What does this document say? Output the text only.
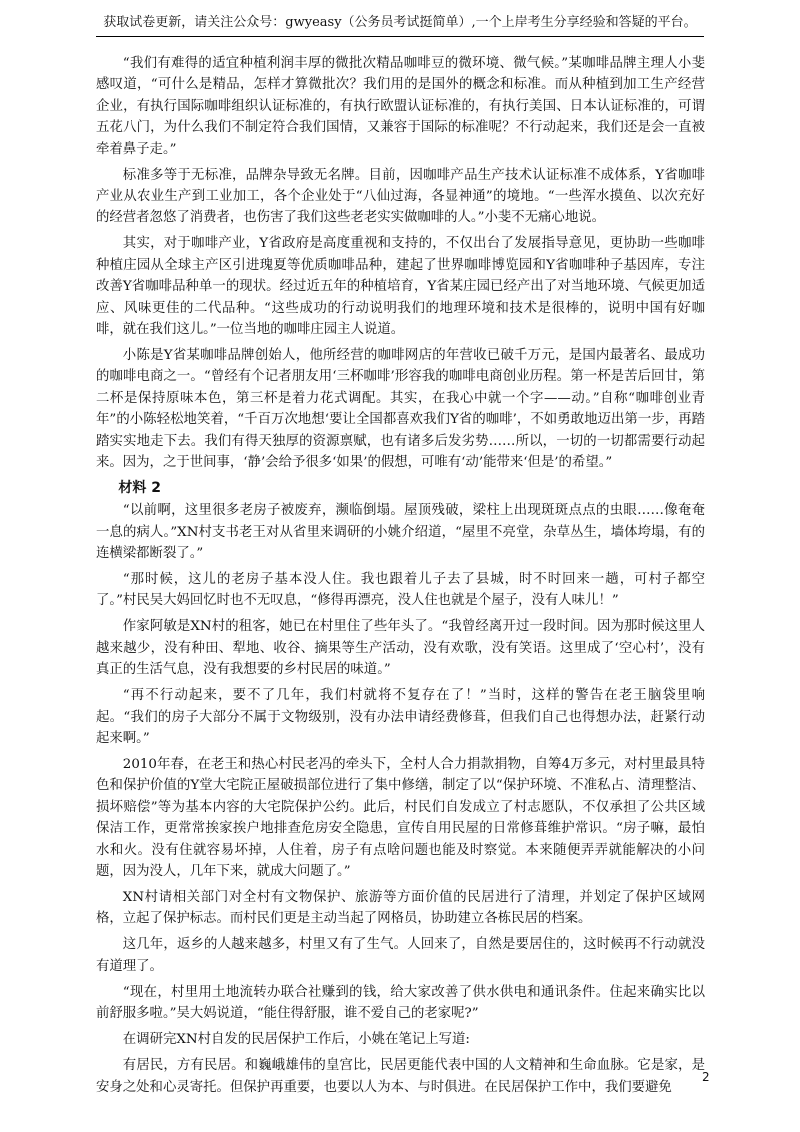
获取试卷更新，请关注公众号：gwyeasy（公务员考试挺简单）,一个上岸考生分享经验和答疑的平台。

“我们有难得的适宜种植利润丰厚的微批次精品咖啡豆的微环境、微气候。”某咖啡品牌主理人小斐感叹道，“可什么是精品，怎样才算微批次？我们用的是国外的概念和标准。而从种植到加工生产经营企业，有执行国际咖啡组织认证标准的，有执行欧盟认证标准的，有执行美国、日本认证标准的，可谓五花八门，为什么我们不制定符合我们国情，又兼容于国际的标准呢？不行动起来，我们还是会一直被牵着鼻子走。”

标准多等于无标准，品牌杂导致无名牌。目前，因咖啡产品生产技术认证标准不成体系，Y省咖啡产业从农业生产到工业加工，各个企业处于“八仙过海，各显神通”的境地。“一些浑水摸鱼、以次充好的经营者忽悠了消费者，也伤害了我们这些老老实实做咖啡的人。”小斐不无痛心地说。

其实，对于咖啡产业，Y省政府是高度重视和支持的，不仅出台了发展指导意见，更协助一些咖啡种植庄园从全球主产区引进瑰夏等优质咖啡品种，建起了世界咖啡博览园和Y省咖啡种子基因库，专注改善Y省咖啡品种单一的现状。经过近五年的种植培育，Y省某庄园已经产出了对当地环境、气候更加适应、风味更佳的二代品种。“这些成功的行动说明我们的地理环境和技术是很棒的，说明中国有好咖啡，就在我们这儿。”一位当地的咖啡庄园主人说道。

小陈是Y省某咖啡品牌创始人，他所经营的咖啡网店的年营收已破千万元，是国内最著名、最成功的咖啡电商之一。“曾经有个记者朋友用‘三杯咖啡’形容我的咖啡电商创业历程。第一杯是苦后回甘，第二杯是保持原味本色，第三杯是着力花式调配。其实，在我心中就一个字——动。”自称“咖啡创业青年”的小陈轻松地笑着，“千百万次地想‘要让全国都喜欢我们Y省的咖啡’，不如勇敢地迈出第一步，再踏踏实实地走下去。我们有得天独厚的资源禀赋，也有诸多后发劣势……所以，一切的一切都需要行动起来。因为，之于世间事，‘静’会给予很多‘如果’的假想，可唯有‘动’能带来‘但是’的希望。”

材料 2

“以前啊，这里很多老房子被废弃，濒临倒塌。屋顶残破，梁柱上出现斑斑点点的虫眼……像奄奄一息的病人。”XN村支书老王对从省里来调研的小姚介绍道，“屋里不亮堂，杂草丛生，墙体垮塌，有的连横梁都断裂了。”

“那时候，这儿的老房子基本没人住。我也跟着儿子去了县城，时不时回来一趟，可村子都空了。”村民吴大妈回忆时也不无叹息，“修得再漂亮，没人住也就是个屋子，没有人味儿！”

作家阿敏是XN村的租客，她已在村里住了些年头了。“我曾经离开过一段时间。因为那时候这里人越来越少，没有种田、犁地、收谷、摘果等生产活动，没有欢歌，没有笑语。这里成了‘空心村’，没有真正的生活气息，没有我想要的乡村民居的味道。”

“再不行动起来，要不了几年，我们村就将不复存在了！”当时，这样的警告在老王脑袋里响起。“我们的房子大部分不属于文物级别，没有办法申请经费修葺，但我们自己也得想办法，赶紧行动起来啊。”

2010年春，在老王和热心村民老冯的牵头下，全村人合力捐款捐物，自筹4万多元，对村里最具特色和保护价值的Y堂大宅院正屋破损部位进行了集中修缮，制定了以“保护环境、不准私占、清理整洁、损坏赔偿”等为基本内容的大宅院保护公约。此后，村民们自发成立了村志愿队，不仅承担了公共区域保洁工作，更常常挨家挨户地排查危房安全隐患，宣传自用民屋的日常修葺维护常识。“房子嘛，最怕水和火。没有住就容易坏掉，人住着，房子有点啥问题也能及时察觉。本来随便弄弄就能解决的小问题，因为没人，几年下来，就成大问题了。”

XN村请相关部门对全村有文物保护、旅游等方面价值的民居进行了清理，并划定了保护区域网格，立起了保护标志。而村民们更是主动当起了网格员，协助建立各栋民居的档案。

这几年，返乡的人越来越多，村里又有了生气。人回来了，自然是要居住的，这时候再不行动就没有道理了。

“现在，村里用土地流转办联合社赚到的钱，给大家改善了供水供电和通讯条件。住起来确实比以前舒服多啦。”吴大妈说道，“能住得舒服，谁不爱自己的老家呢?”

在调研完XN村自发的民居保护工作后，小姚在笔记上写道:

有居民，方有民居。和巍峨雄伟的皇宫比，民居更能代表中国的人文精神和生命血脉。它是家，是安身之处和心灵寄托。但保护再重要，也要以人为本、与时俱进。在民居保护工作中，我们要避免

2
